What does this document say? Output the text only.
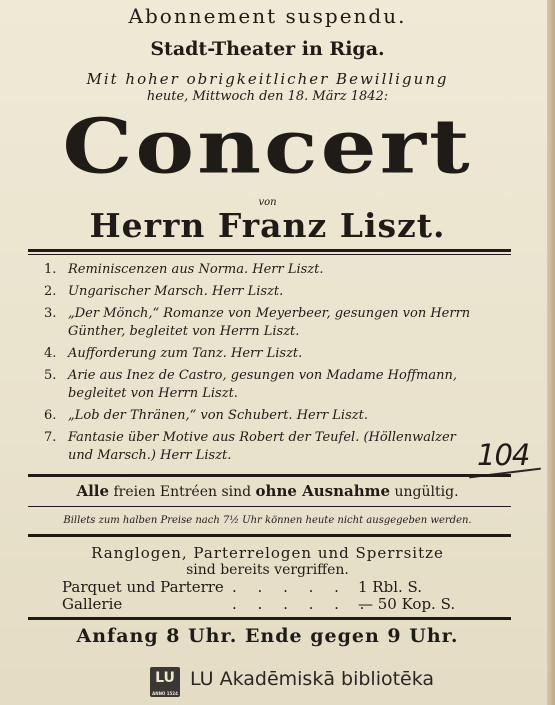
Abonnement suspendu.
Stadt-Theater in Riga.
Mit hoher obrigkeitlicher Bewilligung
heute, Mittwoch den 18. März 1842:
Concert
von
Herrn Franz Liszt.
1. Reminiscenzen aus Norma. Herr Liszt.
2. Ungarischer Marsch. Herr Liszt.
3. „Der Mönch,“ Romanze von Meyerbeer, gesungen von Herrn
Günther, begleitet von Herrn Liszt.
4. Aufforderung zum Tanz. Herr Liszt.
5. Arie aus Inez de Castro, gesungen von Madame Hoffmann,
begleitet von Herrn Liszt.
6. „Lob der Thränen,“ von Schubert. Herr Liszt.
7. Fantasie über Motive aus Robert der Teufel. (Höllenwalzer
und Marsch.) Herr Liszt.	104
Alle freien Entréen sind ohne Ausnahme ungültig.
Billets zum halben Preise nach 7½ Uhr können heute nicht ausgegeben werden.
Ranglogen, Parterrelogen und Sperrsitze
sind bereits vergriffen.
Parquet und Parterre . . . . . 1 Rbl. S.
Gallerie	. . . . . .— 50 Kop. S.
Anfang 8 Uhr. Ende gegen 9 Uhr.
LU
ANNO 1524
LU Akadēmiskā bibliotēka
